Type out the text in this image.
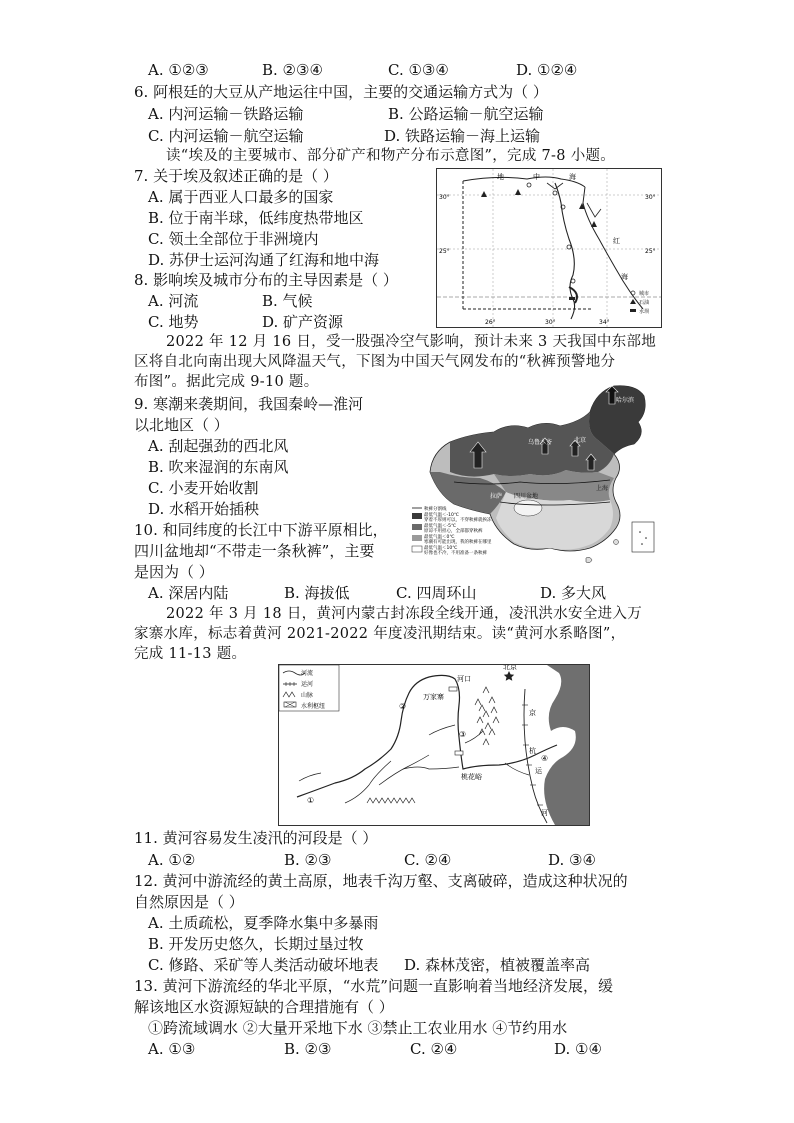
A. ①②③	B. ②③④	C. ①③④	D. ①②④
6. 阿根廷的大豆从产地运往中国，主要的交通运输方式为（ ）
A. 内河运输－铁路运输	B. 公路运输－航空运输
C. 内河运输－航空运输	D. 铁路运输－海上运输
读“埃及的主要城市、部分矿产和物产分布示意图”，完成 7-8 小题。
7. 关于埃及叙述正确的是（ ）
A. 属于西亚人口最多的国家
B. 位于南半球，低纬度热带地区
C. 领土全部位于非洲境内
D. 苏伊士运河沟通了红海和地中海
8. 影响埃及城市分布的主导因素是（ ）
A. 河流	B. 气候
C. 地势	D. 矿产资源
地	中	海
红
海
30°
25°
30°
25°
26°	30°	34°
城市
石油
水坝
2022 年 12 月 16 日，受一股强冷空气影响，预计未来 3 天我国中东部地
区将自北向南出现大风降温天气，下图为中国天气网发布的“秋裤预警地分
布图”。据此完成 9-10 题。
9. 寒潮来袭期间，我国秦岭—淮河
以北地区（ ）
A. 刮起强劲的西北风
B. 吹来湿润的东南风
C. 小麦开始收割
D. 水稻开始插秧
10. 和同纬度的长江中下游平原相比，
四川盆地却“不带走一条秋裤”，主要
是因为（ ）
A. 深居内陆	B. 海拔低	C. 四周环山	D. 多大风
哈尔滨
乌鲁木齐	北京
拉萨 四川盆地
上海
秋裤分割线
最低气温＜-10℃
穿着不厚则可以，不穿秋裤就挨冻
最低气温＜-5℃
原谅不用担心，全部都穿秋裤
最低气温＜0℃
寒潮有可能出现，我的秋裤在哪里
最低气温＜10℃
好像也不冷，不用准备一条秋裤
2022 年 3 月 18 日，黄河内蒙古封冻段全线开通，凌汛洪水安全进入万
家寨水库，标志着黄河 2021-2022 年度凌汛期结束。读“黄河水系略图”，
完成 11-13 题。
河流
运河
山脉
水利枢纽
河口
万家寨
北京
桃花峪
京
杭
运
河
①
②
③
④
11. 黄河容易发生凌汛的河段是（ ）
A. ①②	B. ②③	C. ②④	D. ③④
12. 黄河中游流经的黄土高原，地表千沟万壑、支离破碎，造成这种状况的
自然原因是（ ）
A. 土质疏松，夏季降水集中多暴雨
B. 开发历史悠久，长期过垦过牧
C. 修路、采矿等人类活动破坏地表 D. 森林茂密，植被覆盖率高
13. 黄河下游流经的华北平原，“水荒”问题一直影响着当地经济发展，缓
解该地区水资源短缺的合理措施有（ ）
①跨流域调水 ②大量开采地下水 ③禁止工农业用水 ④节约用水
A. ①③	B. ②③	C. ②④	D. ①④
